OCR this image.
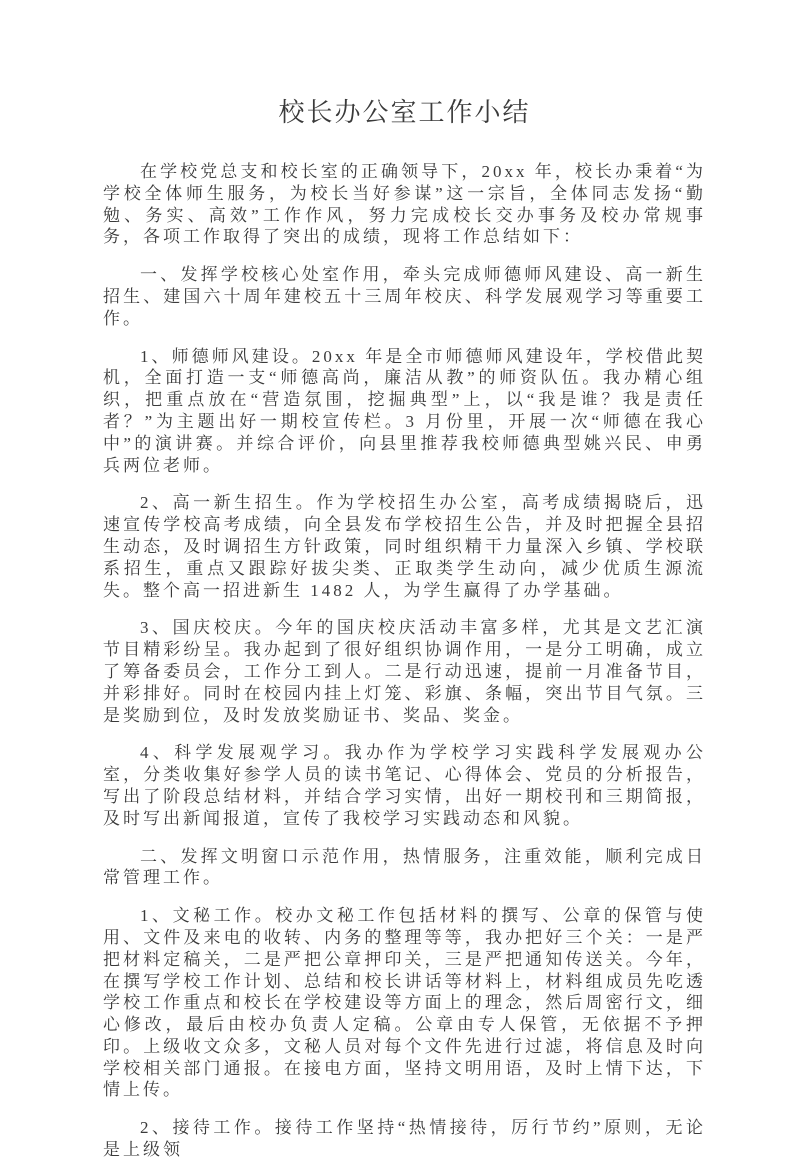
校长办公室工作小结

在学校党总支和校长室的正确领导下，20xx 年，校长办秉着“为学校全体师生服务，为校长当好参谋”这一宗旨，全体同志发扬“勤勉、务实、高效”工作作风，努力完成校长交办事务及校办常规事务，各项工作取得了突出的成绩，现将工作总结如下：

一、发挥学校核心处室作用，牵头完成师德师风建设、高一新生招生、建国六十周年建校五十三周年校庆、科学发展观学习等重要工作。

1、师德师风建设。20xx 年是全市师德师风建设年，学校借此契机，全面打造一支“师德高尚，廉洁从教”的师资队伍。我办精心组织，把重点放在“营造氛围，挖掘典型”上，以“我是谁？我是责任者？”为主题出好一期校宣传栏。3 月份里，开展一次“师德在我心中”的演讲赛。并综合评价，向县里推荐我校师德典型姚兴民、申勇兵两位老师。

2、高一新生招生。作为学校招生办公室，高考成绩揭晓后，迅速宣传学校高考成绩，向全县发布学校招生公告，并及时把握全县招生动态，及时调招生方针政策，同时组织精干力量深入乡镇、学校联系招生，重点又跟踪好拔尖类、正取类学生动向，减少优质生源流失。整个高一招进新生 1482 人，为学生赢得了办学基础。

3、国庆校庆。今年的国庆校庆活动丰富多样，尤其是文艺汇演节目精彩纷呈。我办起到了很好组织协调作用，一是分工明确，成立了筹备委员会，工作分工到人。二是行动迅速，提前一月准备节目，并彩排好。同时在校园内挂上灯笼、彩旗、条幅，突出节目气氛。三是奖励到位，及时发放奖励证书、奖品、奖金。

4、科学发展观学习。我办作为学校学习实践科学发展观办公室，分类收集好参学人员的读书笔记、心得体会、党员的分析报告，写出了阶段总结材料，并结合学习实情，出好一期校刊和三期简报，及时写出新闻报道，宣传了我校学习实践动态和风貌。

二、发挥文明窗口示范作用，热情服务，注重效能，顺利完成日常管理工作。

1、文秘工作。校办文秘工作包括材料的撰写、公章的保管与使用、文件及来电的收转、内务的整理等等，我办把好三个关：一是严把材料定稿关，二是严把公章押印关，三是严把通知传送关。今年，在撰写学校工作计划、总结和校长讲话等材料上，材料组成员先吃透学校工作重点和校长在学校建设等方面上的理念，然后周密行文，细心修改，最后由校办负责人定稿。公章由专人保管，无依据不予押印。上级收文众多，文秘人员对每个文件先进行过滤，将信息及时向学校相关部门通报。在接电方面，坚持文明用语，及时上情下达，下情上传。

2、接待工作。接待工作坚持“热情接待，厉行节约”原则，无论是上级领
